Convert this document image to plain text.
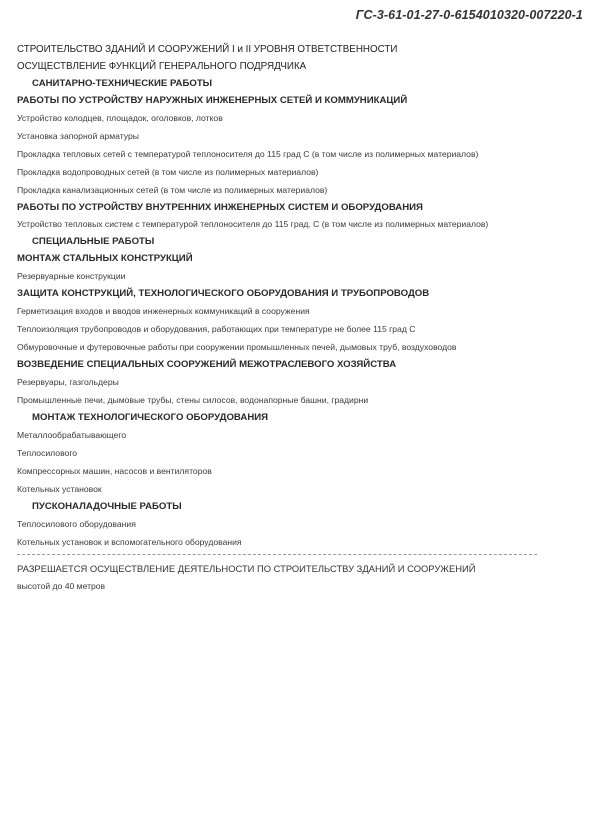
ГС-3-61-01-27-0-6154010320-007220-1
СТРОИТЕЛЬСТВО ЗДАНИЙ И СООРУЖЕНИЙ I и II УРОВНЯ ОТВЕТСТВЕННОСТИ
ОСУЩЕСТВЛЕНИЕ ФУНКЦИЙ ГЕНЕРАЛЬНОГО ПОДРЯДЧИКА
САНИТАРНО-ТЕХНИЧЕСКИЕ РАБОТЫ
РАБОТЫ ПО УСТРОЙСТВУ НАРУЖНЫХ ИНЖЕНЕРНЫХ СЕТЕЙ И КОММУНИКАЦИЙ
Устройство колодцев, площадок, оголовков, лотков
Установка запорной арматуры
Прокладка тепловых сетей с температурой теплоносителя до 115 град С (в том числе из полимерных материалов)
Прокладка водопроводных сетей (в том числе из полимерных материалов)
Прокладка канализационных сетей (в том числе из полимерных материалов)
РАБОТЫ ПО УСТРОЙСТВУ ВНУТРЕННИХ ИНЖЕНЕРНЫХ СИСТЕМ И ОБОРУДОВАНИЯ
Устройство тепловых систем с температурой теплоносителя до 115 град. С (в том числе из полимерных материалов)
СПЕЦИАЛЬНЫЕ РАБОТЫ
МОНТАЖ СТАЛЬНЫХ КОНСТРУКЦИЙ
Резервуарные конструкции
ЗАЩИТА КОНСТРУКЦИЙ, ТЕХНОЛОГИЧЕСКОГО ОБОРУДОВАНИЯ И ТРУБОПРОВОДОВ
Герметизация входов и вводов инженерных коммуникаций в сооружения
Теплоизоляция трубопроводов и оборудования, работающих при температуре не более 115 град С
Обмуровочные и футеровочные работы при сооружении промышленных печей, дымовых труб, воздуховодов
ВОЗВЕДЕНИЕ СПЕЦИАЛЬНЫХ СООРУЖЕНИЙ МЕЖОТРАСЛЕВОГО ХОЗЯЙСТВА
Резервуары, газгольдеры
Промышленные печи, дымовые трубы, стены силосов, водонапорные башни, градирни
МОНТАЖ ТЕХНОЛОГИЧЕСКОГО ОБОРУДОВАНИЯ
Металлообрабатывающего
Теплосилового
Компрессорных машин, насосов и вентиляторов
Котельных установок
ПУСКОНАЛАДОЧНЫЕ РАБОТЫ
Теплосилового оборудования
Котельных установок и вспомогательного оборудования
РАЗРЕШАЕТСЯ ОСУЩЕСТВЛЕНИЕ ДЕЯТЕЛЬНОСТИ ПО СТРОИТЕЛЬСТВУ ЗДАНИЙ И СООРУЖЕНИЙ
высотой до 40 метров
